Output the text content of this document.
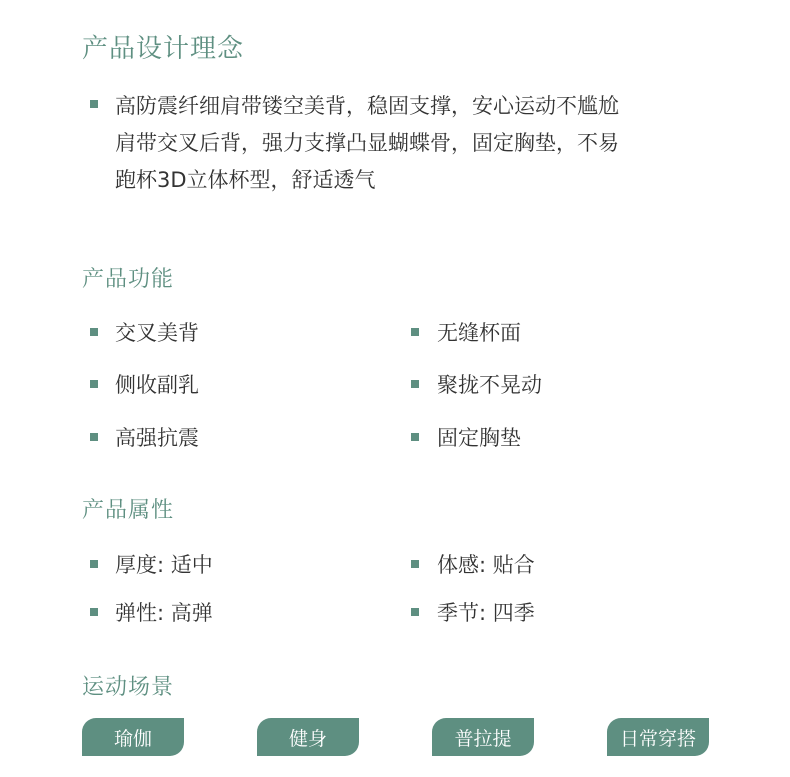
产品设计理念
高防震纤细肩带镂空美背，稳固支撑，安心运动不尴尬
肩带交叉后背，强力支撑凸显蝴蝶骨，固定胸垫，不易
跑杯3D立体杯型，舒适透气
产品功能
交叉美背	无缝杯面
侧收副乳	聚拢不晃动
高强抗震	固定胸垫
产品属性
厚度: 适中	体感: 贴合
弹性: 高弹	季节: 四季
运动场景
瑜伽	健身	普拉提	日常穿搭
